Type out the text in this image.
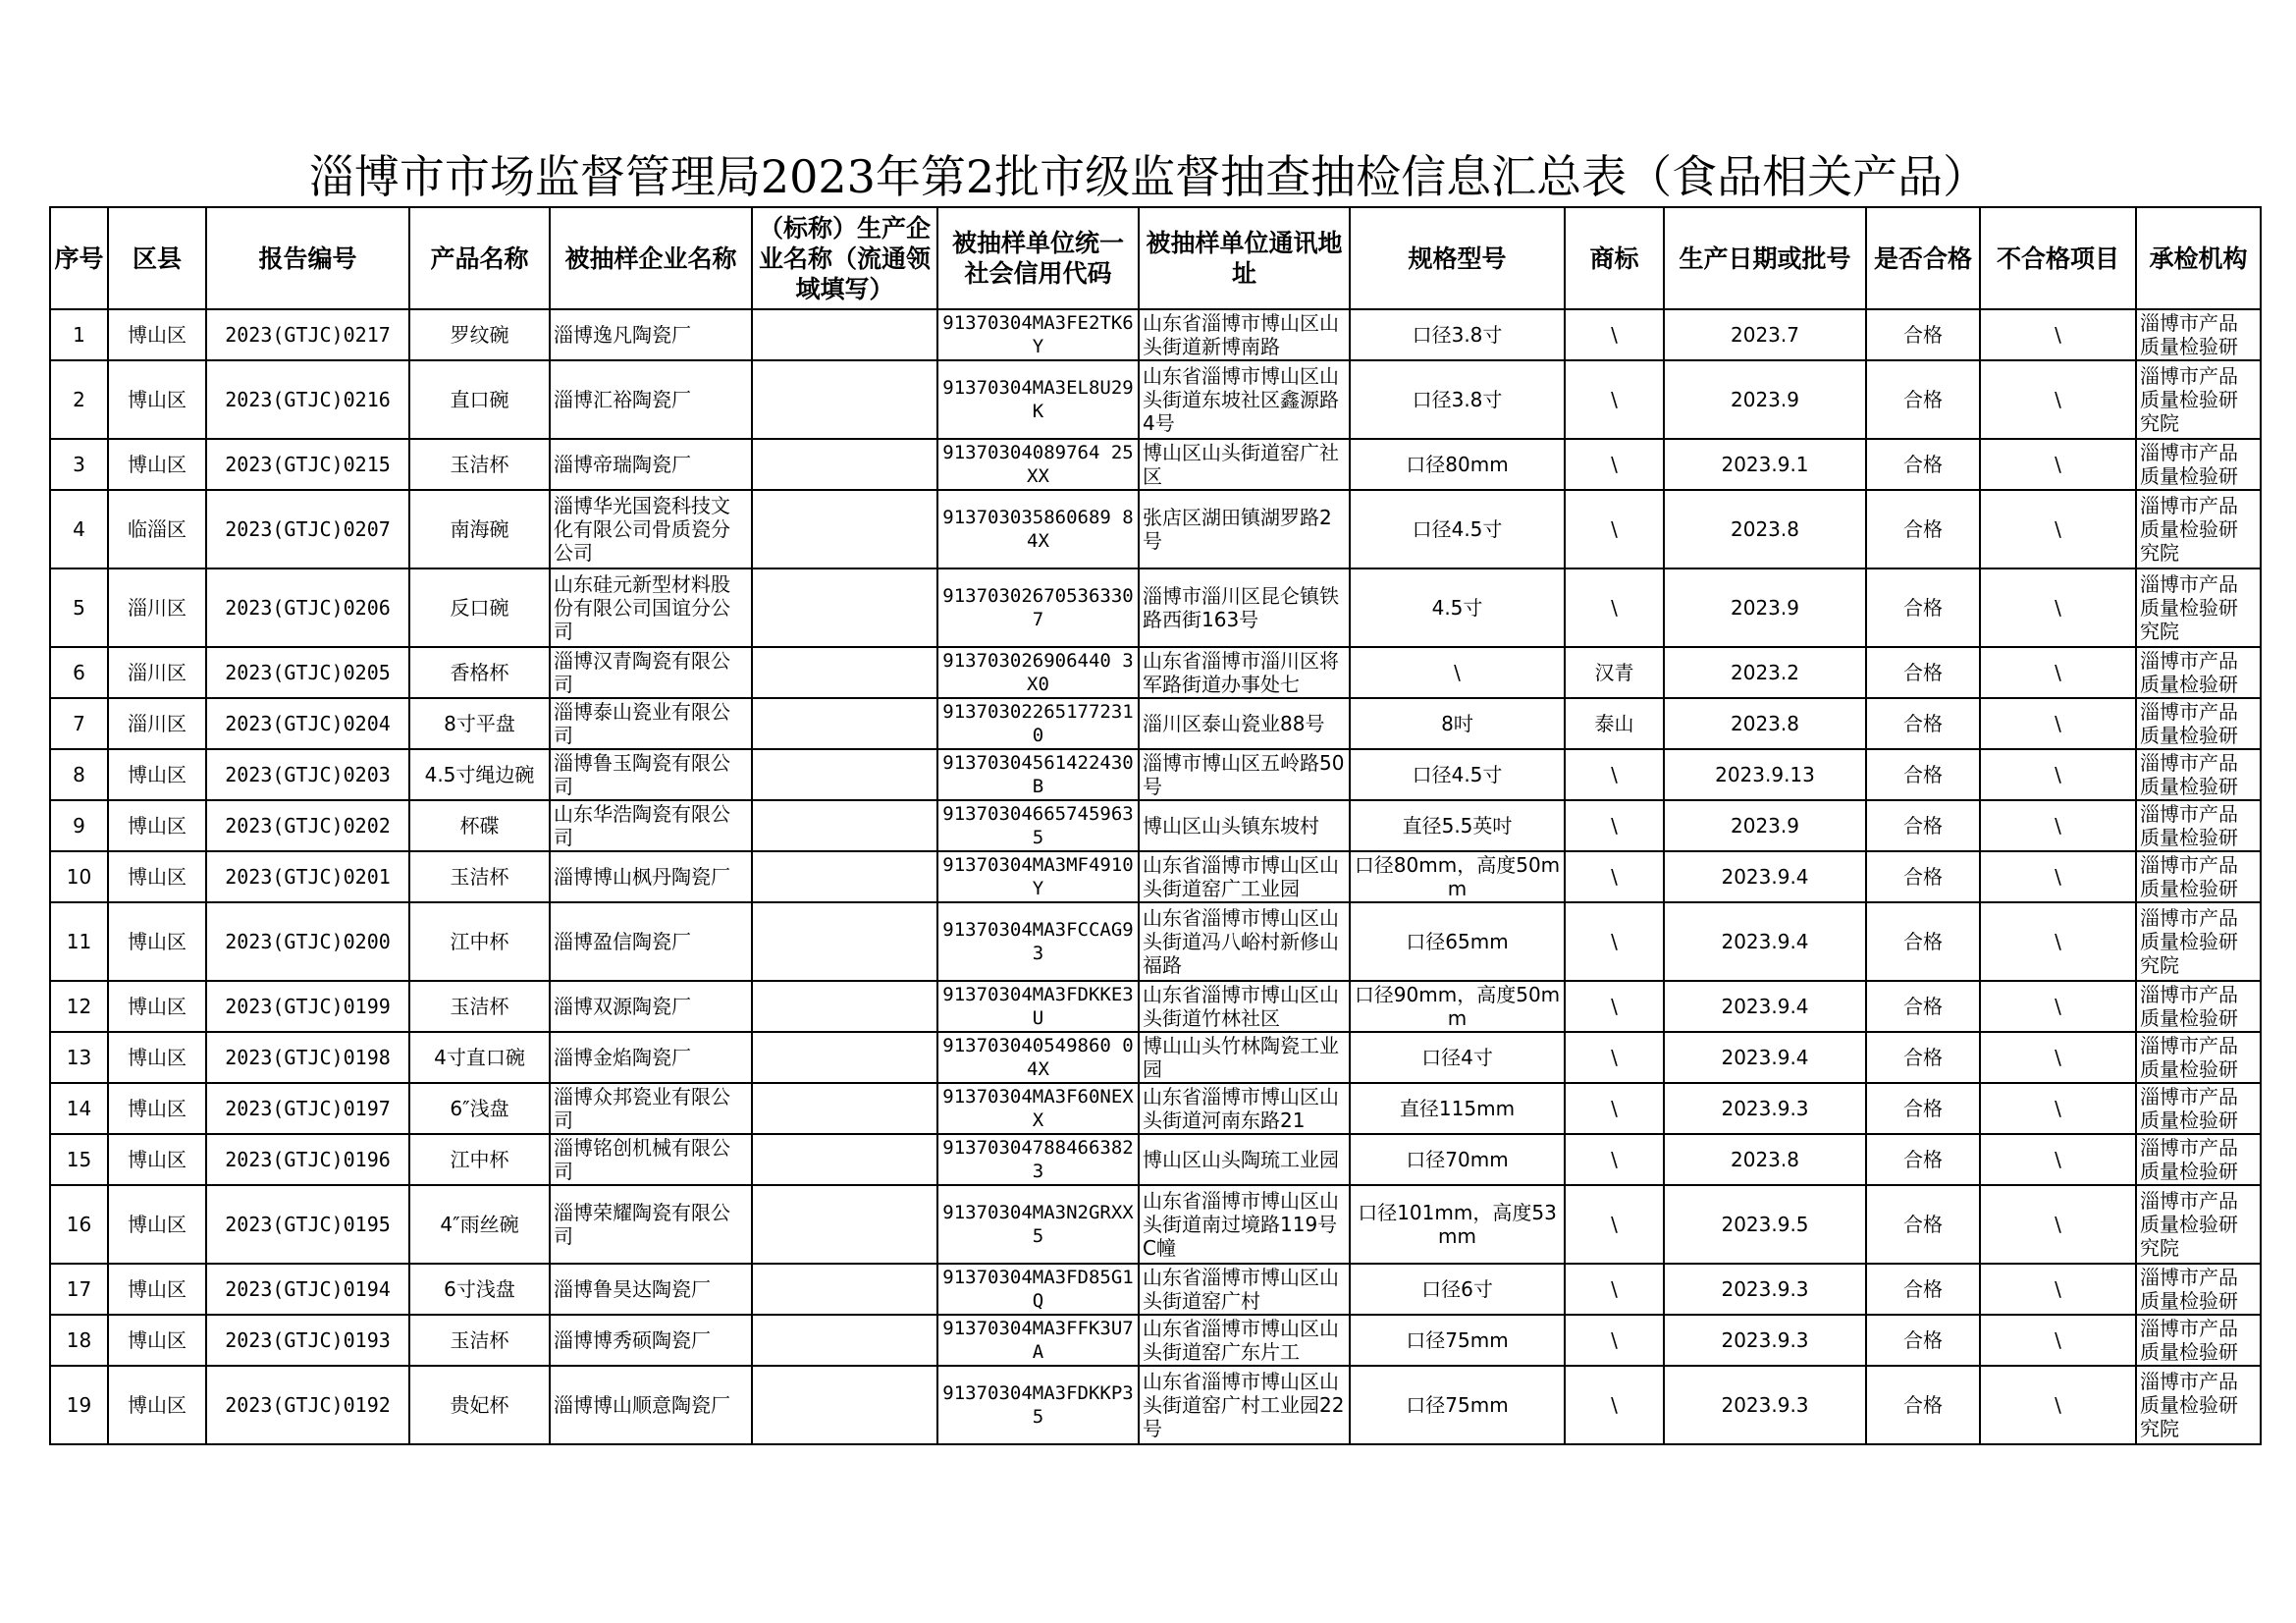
淄博市市场监督管理局2023年第2批市级监督抽查抽检信息汇总表（食品相关产品）
序号	区县	报告编号	产品名称	被抽样企业名称	（标称）生产企业名称（流通领域填写）	被抽样单位统一社会信用代码	被抽样单位通讯地址	规格型号	商标	生产日期或批号	是否合格	不合格项目	承检机构
1	博山区	2023(GTJC)0217	罗纹碗	淄博逸凡陶瓷厂		91370304MA3FE2TK6Y	山东省淄博市博山区山头街道新博南路	口径3.8寸	\	2023.7	合格	\	淄博市产品质量检验研

2	博山区	2023(GTJC)0216	直口碗	淄博汇裕陶瓷厂		91370304MA3EL8U29K	山东省淄博市博山区山头街道东坡社区鑫源路4号	口径3.8寸	\	2023.9	合格	\	淄博市产品质量检验研究院

3	博山区	2023(GTJC)0215	玉洁杯	淄博帝瑞陶瓷厂		91370304089764 25XX	博山区山头街道窑广社区	口径80mm	\	2023.9.1	合格	\	淄博市产品质量检验研

4	临淄区	2023(GTJC)0207	南海碗	淄博华光国瓷科技文化有限公司骨质瓷分公司		913703035860689 84X	张店区湖田镇湖罗路2号	口径4.5寸	\	2023.8	合格	\	淄博市产品质量检验研究院

5	淄川区	2023(GTJC)0206	反口碗	山东硅元新型材料股份有限公司国谊分公司		913703026705363307	淄博市淄川区昆仑镇铁路西街163号	4.5寸	\	2023.9	合格	\	淄博市产品质量检验研究院

6	淄川区	2023(GTJC)0205	香格杯	淄博汉青陶瓷有限公司		913703026906440 3X0	山东省淄博市淄川区将军路街道办事处七	\	汉青	2023.2	合格	\	淄博市产品质量检验研

7	淄川区	2023(GTJC)0204	8寸平盘	淄博泰山瓷业有限公司		913703022651772310	淄川区泰山瓷业88号	8吋	泰山	2023.8	合格	\	淄博市产品质量检验研

8	博山区	2023(GTJC)0203	4.5寸绳边碗	淄博鲁玉陶瓷有限公司		91370304561422430B	淄博市博山区五岭路50号	口径4.5寸	\	2023.9.13	合格	\	淄博市产品质量检验研

9	博山区	2023(GTJC)0202	杯碟	山东华浩陶瓷有限公司		913703046657459635	博山区山头镇东坡村	直径5.5英吋	\	2023.9	合格	\	淄博市产品质量检验研

10	博山区	2023(GTJC)0201	玉洁杯	淄博博山枫丹陶瓷厂		91370304MA3MF4910Y	山东省淄博市博山区山头街道窑广工业园	口径80mm，高度50mm	\	2023.9.4	合格	\	淄博市产品质量检验研

11	博山区	2023(GTJC)0200	江中杯	淄博盈信陶瓷厂		91370304MA3FCCAG93	山东省淄博市博山区山头街道冯八峪村新修山福路	口径65mm	\	2023.9.4	合格	\	淄博市产品质量检验研究院

12	博山区	2023(GTJC)0199	玉洁杯	淄博双源陶瓷厂		91370304MA3FDKKE3U	山东省淄博市博山区山头街道竹林社区	口径90mm，高度50mm	\	2023.9.4	合格	\	淄博市产品质量检验研

13	博山区	2023(GTJC)0198	4寸直口碗	淄博金焰陶瓷厂		913703040549860 04X	博山山头竹林陶瓷工业园	口径4寸	\	2023.9.4	合格	\	淄博市产品质量检验研

14	博山区	2023(GTJC)0197	6″浅盘	淄博众邦瓷业有限公司		91370304MA3F60NEXX	山东省淄博市博山区山头街道河南东路21	直径115mm	\	2023.9.3	合格	\	淄博市产品质量检验研

15	博山区	2023(GTJC)0196	江中杯	淄博铭创机械有限公司		913703047884663823	博山区山头陶琉工业园	口径70mm	\	2023.8	合格	\	淄博市产品质量检验研

16	博山区	2023(GTJC)0195	4″雨丝碗	淄博荣耀陶瓷有限公司		91370304MA3N2GRXX5	山东省淄博市博山区山头街道南过境路119号C幢	口径101mm，高度53mm	\	2023.9.5	合格	\	淄博市产品质量检验研究院

17	博山区	2023(GTJC)0194	6寸浅盘	淄博鲁昊达陶瓷厂		91370304MA3FD85G1Q	山东省淄博市博山区山头街道窑广村	口径6寸	\	2023.9.3	合格	\	淄博市产品质量检验研

18	博山区	2023(GTJC)0193	玉洁杯	淄博博秀硕陶瓷厂		91370304MA3FFK3U7A	山东省淄博市博山区山头街道窑广东片工	口径75mm	\	2023.9.3	合格	\	淄博市产品质量检验研

19	博山区	2023(GTJC)0192	贵妃杯	淄博博山顺意陶瓷厂		91370304MA3FDKKP35	山东省淄博市博山区山头街道窑广村工业园22号	口径75mm	\	2023.9.3	合格	\	淄博市产品质量检验研究院
